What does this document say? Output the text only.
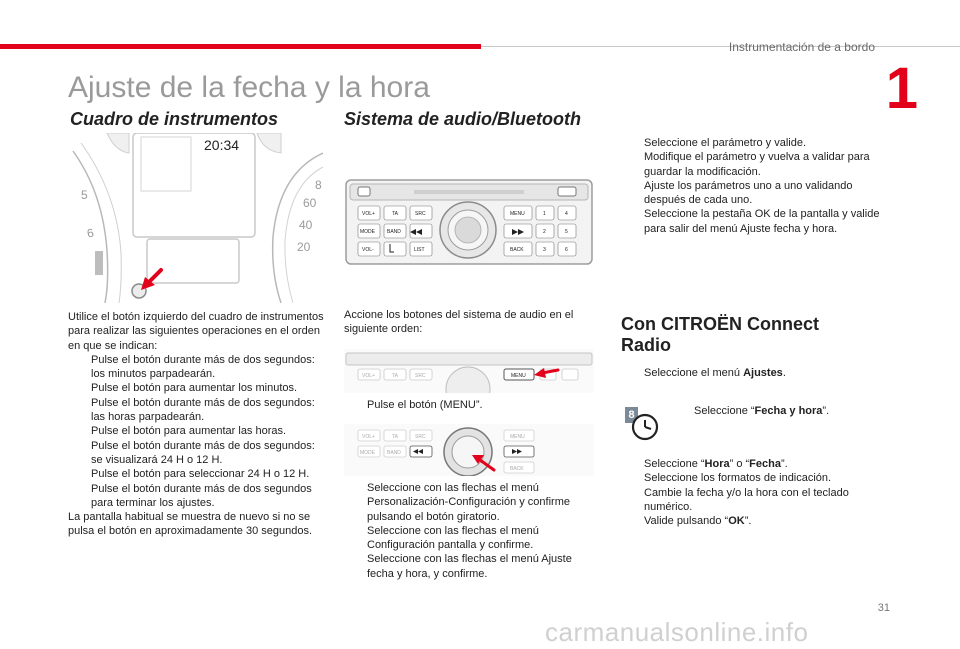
Instrumentación de a bordo
1
Ajuste de la fecha y la hora
Cuadro de instrumentos
5
6
20:34
8
60
40
20

Utilice el botón izquierdo del cuadro de instrumentos para realizar las siguientes operaciones en el orden en que se indican:

Pulse el botón durante más de dos segundos: los minutos parpadearán.

Pulse el botón para aumentar los minutos.

Pulse el botón durante más de dos segundos: las horas parpadearán.

Pulse el botón para aumentar las horas.

Pulse el botón durante más de dos segundos: se visualizará 24 H o 12 H.

Pulse el botón para seleccionar 24 H o 12 H.

Pulse el botón durante más de dos segundos para terminar los ajustes.

La pantalla habitual se muestra de nuevo si no se pulsa el botón en aproximadamente 30 segundos.

Sistema de audio/Bluetooth
VOL+	TA	SRC
MODE BAND
VOL-	LIST
MENU
BACK
1	4
2	5
3	6
Accione los botones del sistema de audio en el siguiente orden:
VOL+	TA	SRC	MENU

Pulse el botón (MENU”.

VOL+	TA	SRC
MODE BAND
MENU
BACK

Seleccione con las flechas el menú Personalización-Configuración y confirme pulsando el botón giratorio.

Seleccione con las flechas el menú Configuración pantalla y confirme.

Seleccione con las flechas el menú Ajuste fecha y hora, y confirme.

Seleccione el parámetro y valide.

Modifique el parámetro y vuelva a validar para guardar la modificación.

Ajuste los parámetros uno a uno validando después de cada uno.

Seleccione la pestaña OK de la pantalla y valide para salir del menú Ajuste fecha y hora.

Con CITROËN Connect Radio

Seleccione el menú Ajustes.

8	Seleccione “Fecha y hora”.

Seleccione “Hora” o “Fecha”.

Seleccione los formatos de indicación.

Cambie la fecha y/o la hora con el teclado numérico.

Valide pulsando “OK”.

31
carmanualsonline.info
